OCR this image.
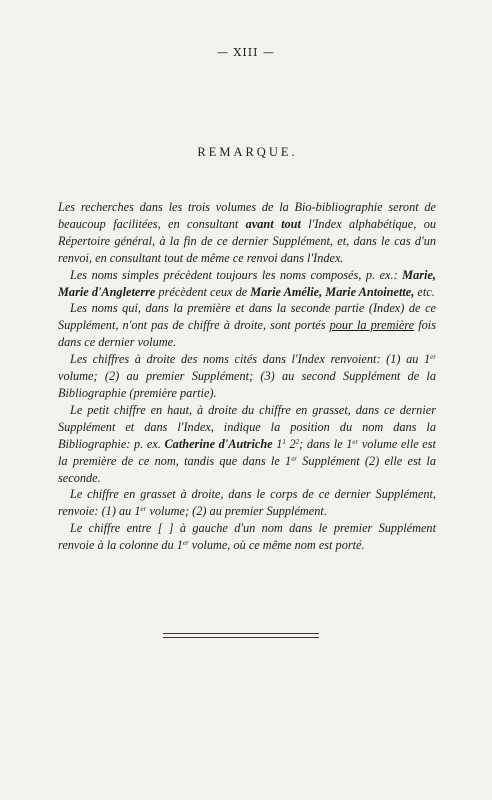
— XIII —
REMARQUE.

Les recherches dans les trois volumes de la Bio-bibliographie seront de beaucoup facilitées, en consultant avant tout l'Index alphabétique, ou Répertoire général, à la fin de ce dernier Supplément, et, dans le cas d'un renvoi, en consultant tout de même ce renvoi dans l'Index.

Les noms simples précèdent toujours les noms composés, p. ex.: Marie, Marie d'Angleterre précèdent ceux de Marie Amélie, Marie Antoinette, etc.

Les noms qui, dans la première et dans la seconde partie (Index) de ce Supplément, n'ont pas de chiffre à droite, sont portés pour la première fois dans ce dernier volume.

Les chiffres à droite des noms cités dans l'Index renvoient: (1) au 1er volume; (2) au premier Supplément; (3) au second Supplément de la Bibliographie (première partie).

Le petit chiffre en haut, à droite du chiffre en grasset, dans ce dernier Supplément et dans l'Index, indique la position du nom dans la Bibliographie: p. ex. Catherine d'Autriche $1^1$ $2^2$; dans le 1er volume elle est la première de ce nom, tandis que dans le 1er Supplément (2) elle est la seconde.

Le chiffre en grasset à droite, dans le corps de ce dernier Supplément, renvoie: (1) au 1er volume; (2) au premier Supplément.

Le chiffre entre [ ] à gauche d'un nom dans le premier Supplément renvoie à la colonne du 1er volume, où ce même nom est porté.
